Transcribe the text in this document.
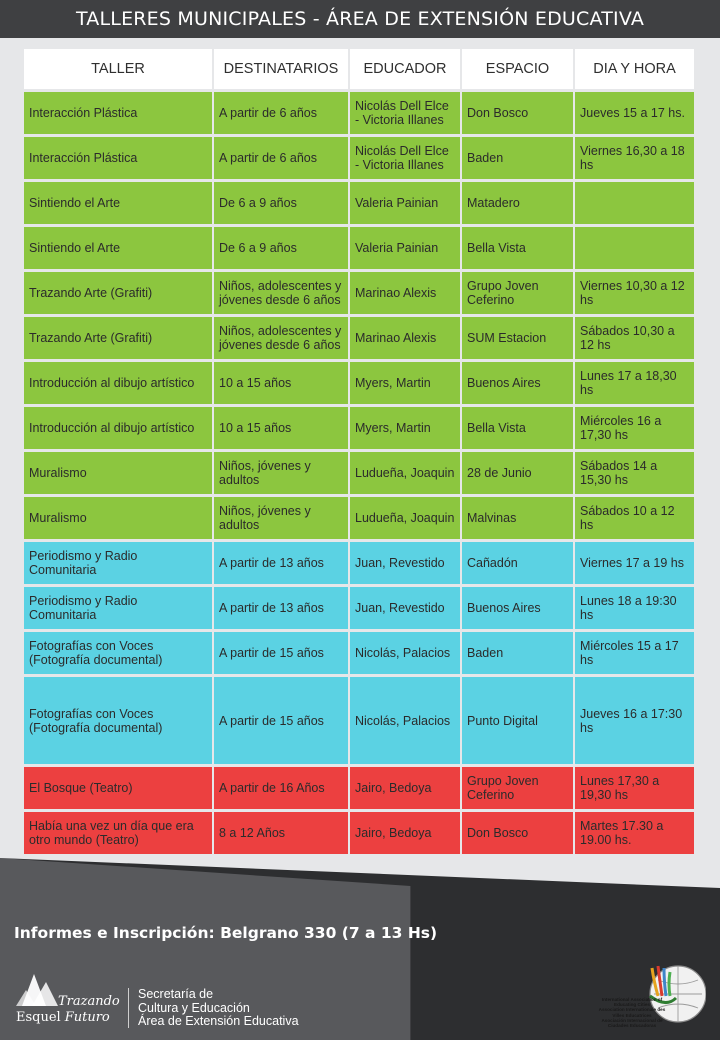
TALLERES MUNICIPALES - ÁREA DE EXTENSIÓN EDUCATIVA
TALLER	DESTINATARIOS	EDUCADOR	ESPACIO	DIA Y HORA
Interacción Plástica	A partir de 6 años	Nicolás Dell Elce - Victoria Illanes	Don Bosco	Jueves 15 a 17 hs.
Interacción Plástica	A partir de 6 años	Nicolás Dell Elce - Victoria Illanes	Baden	Viernes 16,30 a 18 hs
Sintiendo el Arte	De 6 a 9 años	Valeria Painian	Matadero	
Sintiendo el Arte	De 6 a 9 años	Valeria Painian	Bella Vista	
Trazando Arte (Grafiti)	Niños, adolescentes y jóvenes desde 6 años	Marinao Alexis	Grupo Joven Ceferino	Viernes 10,30 a 12 hs
Trazando Arte (Grafiti)	Niños, adolescentes y jóvenes desde 6 años	Marinao Alexis	SUM Estacion	Sábados 10,30 a 12 hs
Introducción al dibujo artístico	10 a 15 años	Myers, Martin	Buenos Aires	Lunes 17 a 18,30 hs
Introducción al dibujo artístico	10 a 15 años	Myers, Martin	Bella Vista	Miércoles 16 a 17,30 hs
Muralismo	Niños, jóvenes y adultos	Ludueña, Joaquin	28 de Junio	Sábados 14 a 15,30 hs
Muralismo	Niños, jóvenes y adultos	Ludueña, Joaquin	Malvinas	Sábados 10 a 12 hs
Periodismo y Radio Comunitaria	A partir de 13 años	Juan, Revestido	Cañadón	Viernes 17 a 19 hs
Periodismo y Radio Comunitaria	A partir de 13 años	Juan, Revestido	Buenos Aires	Lunes 18 a 19:30 hs
Fotografías con Voces (Fotografía documental)	A partir de 15 años	Nicolás, Palacios	Baden	Miércoles 15 a 17 hs
Fotografías con Voces (Fotografía documental)	A partir de 15 años	Nicolás, Palacios	Punto Digital	Jueves 16 a 17:30 hs
El Bosque (Teatro)	A partir de 16 Años	Jairo, Bedoya	Grupo Joven Ceferino	Lunes 17,30 a 19,30 hs
Había una vez un día que era otro mundo (Teatro)	8 a 12 Años	Jairo, Bedoya	Don Bosco	Martes 17.30 a 19.00 hs.
Informes e Inscripción: Belgrano 330 (7 a 13 Hs)
Trazando
Esquel Futuro
Secretaría de
Cultura y Educación
Área de Extensión Educativa
International Association of
Educating Cities
Association Internationale des
Villes Educatrices
Asociación Internacional de
Ciudades Educadoras
